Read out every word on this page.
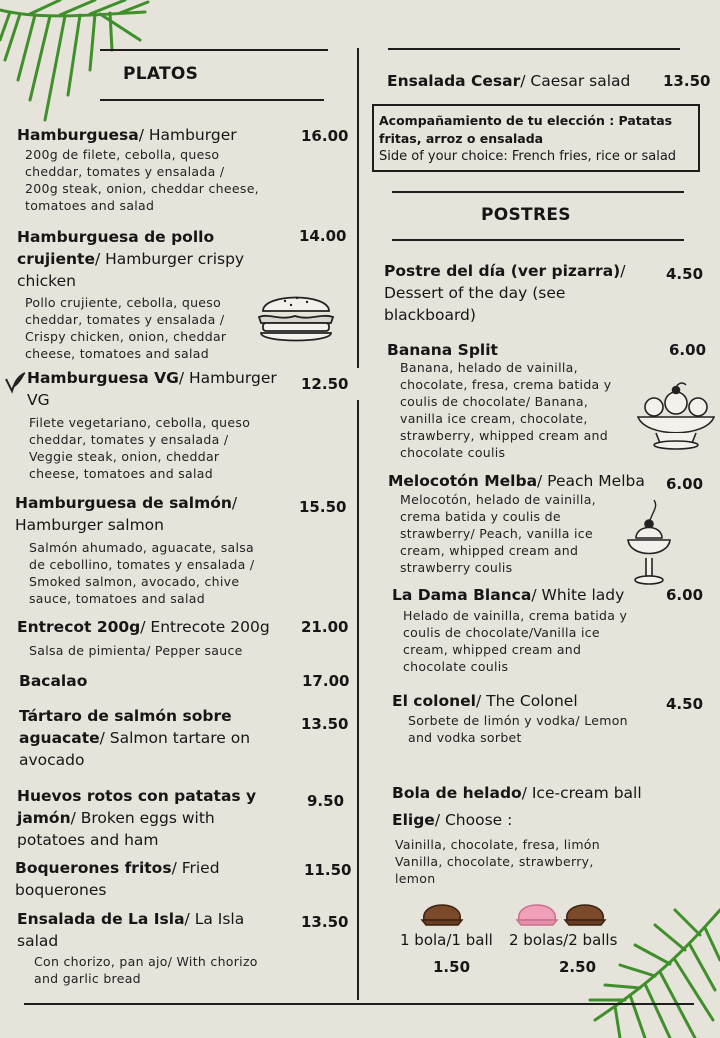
PLATOS
Hamburguesa/ Hamburger	16.00
200g de filete, cebolla, queso
cheddar, tomates y ensalada /
200g steak, onion, cheddar cheese,
tomatoes and salad
Hamburguesa de pollo
crujiente/ Hamburger crispy
chicken
14.00
Pollo crujiente, cebolla, queso
cheddar, tomates y ensalada /
Crispy chicken, onion, cheddar
cheese, tomatoes and salad
Hamburguesa VG/ Hamburger
VG
12.50
Filete vegetariano, cebolla, queso
cheddar, tomates y ensalada /
Veggie steak, onion, cheddar
cheese, tomatoes and salad
Hamburguesa de salmón/
Hamburger salmon
15.50
Salmón ahumado, aguacate, salsa
de cebollino, tomates y ensalada /
Smoked salmon, avocado, chive
sauce, tomatoes and salad
Entrecot 200g/ Entrecote 200g 21.00
Salsa de pimienta/ Pepper sauce
Bacalao	17.00
Tártaro de salmón sobre
aguacate/ Salmon tartare on
avocado
13.50
Huevos rotos con patatas y
jamón/ Broken eggs with
potatoes and ham
9.50
Boquerones fritos/ Fried
boquerones
11.50
Ensalada de La Isla/ La Isla
salad
13.50
Con chorizo, pan ajo/ With chorizo
and garlic bread
Ensalada Cesar/ Caesar salad 13.50
Acompañamiento de tu elección : Patatas
fritas, arroz o ensalada
Side of your choice: French fries, rice or salad
POSTRES
Postre del día (ver pizarra)/
Dessert of the day (see
blackboard)
4.50
Banana Split	6.00
Banana, helado de vainilla,
chocolate, fresa, crema batida y
coulis de chocolate/ Banana,
vanilla ice cream, chocolate,
strawberry, whipped cream and
chocolate coulis
Melocotón Melba/ Peach Melba 6.00
Melocotón, helado de vainilla,
crema batida y coulis de
strawberry/ Peach, vanilla ice
cream, whipped cream and
strawberry coulis
La Dama Blanca/ White lady	6.00
Helado de vainilla, crema batida y
coulis de chocolate/Vanilla ice
cream, whipped cream and
chocolate coulis
El colonel/ The Colonel	4.50
Sorbete de limón y vodka/ Lemon
and vodka sorbet
Bola de helado/ Ice-cream ball
Elige/ Choose :
Vainilla, chocolate, fresa, limón
Vanilla, chocolate, strawberry,
lemon
1 bola/1 ball 2 bolas/2 balls
1.50	2.50
